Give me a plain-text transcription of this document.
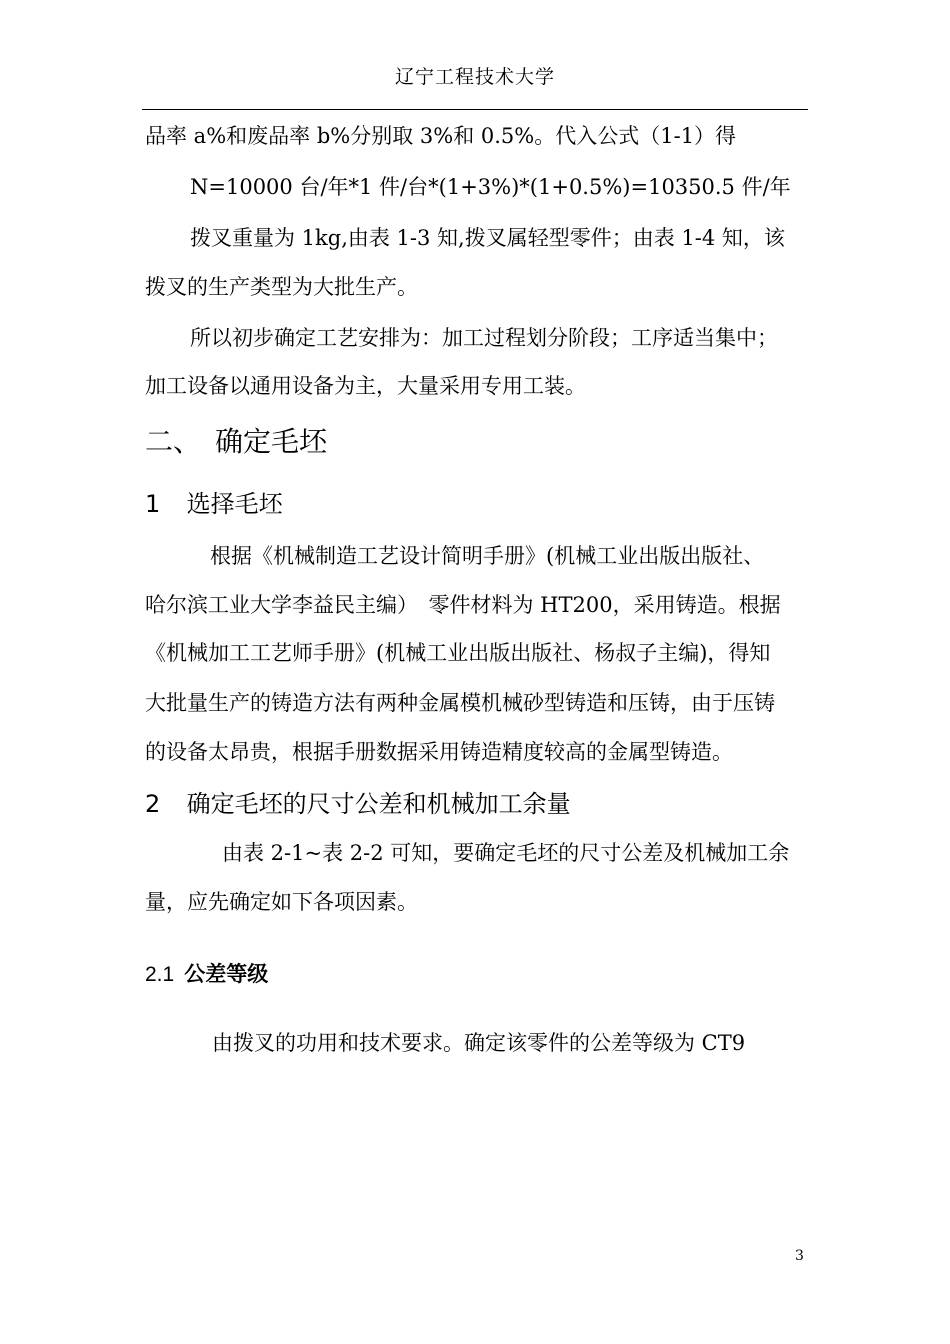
辽宁工程技术大学
品率 a%和废品率 b%分别取 3%和 0.5%。代入公式（1-1）得
N=10000 台/年*1 件/台*(1+3%)*(1+0.5%)=10350.5 件/年
拨叉重量为 1kg,由表 1-3 知,拨叉属轻型零件；由表 1-4 知，该
拨叉的生产类型为大批生产。
所以初步确定工艺安排为：加工过程划分阶段；工序适当集中；
加工设备以通用设备为主，大量采用专用工装。
二、　确定毛坯
1 选择毛坯
根据《机械制造工艺设计简明手册》(机械工业出版出版社、
哈尔滨工业大学李益民主编）　零件材料为 HT200，采用铸造。根据
《机械加工工艺师手册》(机械工业出版出版社、杨叔子主编)，得知
大批量生产的铸造方法有两种金属模机械砂型铸造和压铸，由于压铸
的设备太昂贵，根据手册数据采用铸造精度较高的金属型铸造。
2 确定毛坯的尺寸公差和机械加工余量
由表 2-1~表 2-2 可知，要确定毛坯的尺寸公差及机械加工余
量，应先确定如下各项因素。
2.1 公差等级
由拨叉的功用和技术要求。确定该零件的公差等级为 CT9
3
